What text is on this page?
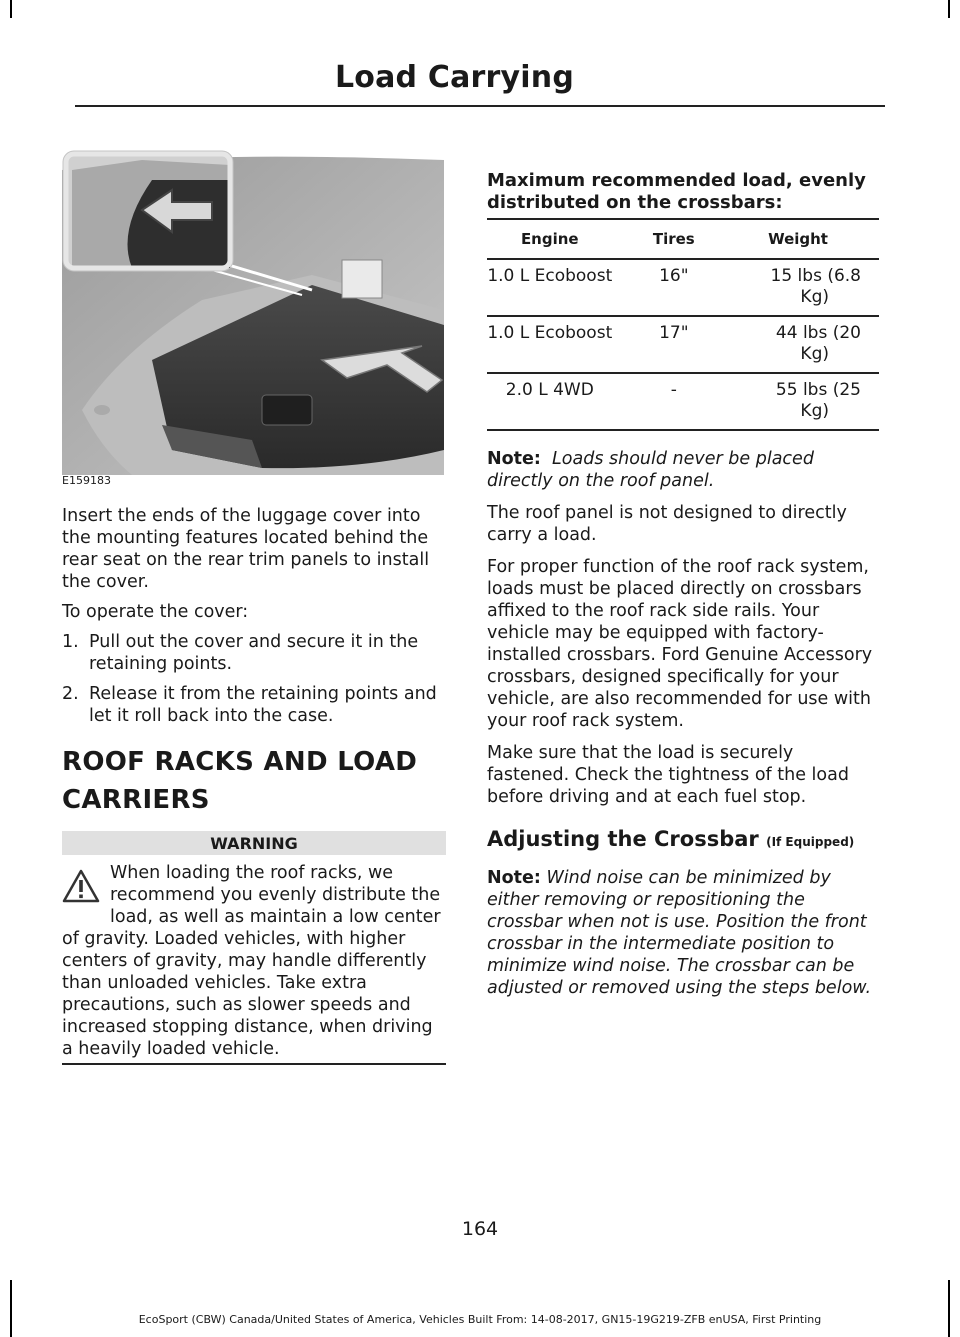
Load Carrying
E159183

Insert the ends of the luggage cover into the mounting features located behind the rear seat on the rear trim panels to install the cover.

To operate the cover:

1. Pull out the cover and secure it in the retaining points.
2. Release it from the retaining points and let it roll back into the case.
ROOF RACKS AND LOAD
CARRIERS
WARNING
When loading the roof racks, we recommend you evenly distribute the load, as well as maintain a low center of gravity. Loaded vehicles, with higher centers of gravity, may handle differently than unloaded vehicles. Take extra precautions, such as slower speeds and increased stopping distance, when driving a heavily loaded vehicle.
Maximum recommended load, evenly distributed on the crossbars:
Engine	Tires	Weight
1.0 L Ecoboost	16"	15 lbs (6.8
Kg)
1.0 L Ecoboost	17"	44 lbs (20
Kg)
2.0 L 4WD	-	55 lbs (25
Kg)

Note: Loads should never be placed directly on the roof panel.

The roof panel is not designed to directly carry a load.

For proper function of the roof rack system, loads must be placed directly on crossbars affixed to the roof rack side rails. Your vehicle may be equipped with factory-installed crossbars. Ford Genuine Accessory crossbars, designed specifically for your vehicle, are also recommended for use with your roof rack system.

Make sure that the load is securely fastened. Check the tightness of the load before driving and at each fuel stop.

Adjusting the Crossbar (If Equipped)

Note: Wind noise can be minimized by either removing or repositioning the crossbar when not is use. Position the front crossbar in the intermediate position to minimize wind noise. The crossbar can be adjusted or removed using the steps below.

164
EcoSport (CBW) Canada/United States of America, Vehicles Built From: 14-08-2017, GN15-19G219-ZFB enUSA, First Printing
